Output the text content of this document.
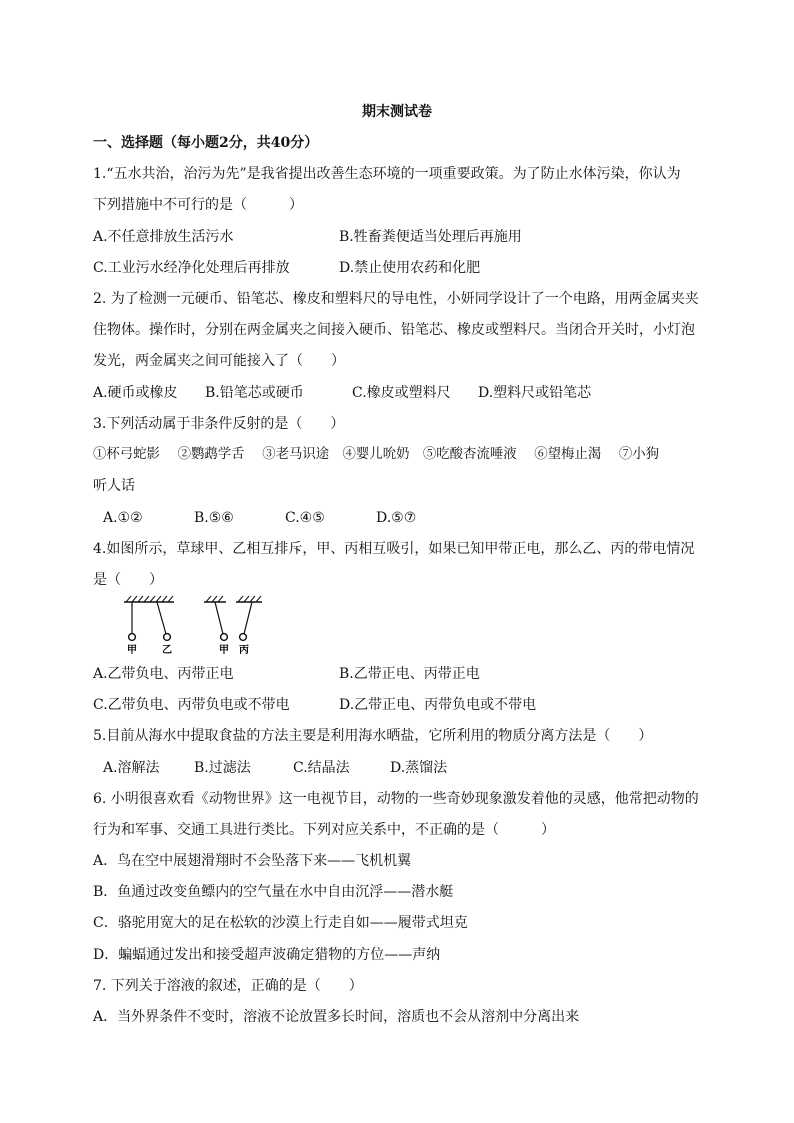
期末测试卷
一、选择题（每小题2分，共40分）
1.“五水共治，治污为先”是我省提出改善生态环境的一项重要政策。为了防止水体污染，你认为
下列措施中不可行的是（　　　）
A.不任意排放生活污水	B.牲畜粪便适当处理后再施用
C.工业污水经净化处理后再排放	D.禁止使用农药和化肥
2. 为了检测一元硬币、铅笔芯、橡皮和塑料尺的导电性，小妍同学设计了一个电路，用两金属夹夹
住物体。操作时，分别在两金属夹之间接入硬币、铅笔芯、橡皮或塑料尺。当闭合开关时，小灯泡
发光，两金属夹之间可能接入了（　　）
A.硬币或橡皮 B.铅笔芯或硬币	C.橡皮或塑料尺 D.塑料尺或铅笔芯
3.下列活动属于非条件反射的是（　　）
①杯弓蛇影　 ②鹦鹉学舌　 ③老马识途　④婴儿吮奶　⑤吃酸杏流唾液　 ⑥望梅止渴　 ⑦小狗
听人话
A.①②	B.⑤⑥	C.④⑤	D.⑤⑦
4.如图所示，草球甲、乙相互排斥，甲、丙相互吸引，如果已知甲带正电，那么乙、丙的带电情况
是（　　）
甲	乙	甲 丙
A.乙带负电、丙带正电	B.乙带正电、丙带正电
C.乙带负电、丙带负电或不带电	D.乙带正电、丙带负电或不带电
5.目前从海水中提取食盐的方法主要是利用海水晒盐，它所利用的物质分离方法是（　　）
A.溶解法 B.过滤法	C.结晶法	D.蒸馏法
6. 小明很喜欢看《动物世界》这一电视节目，动物的一些奇妙现象激发着他的灵感，他常把动物的
行为和军事、交通工具进行类比。下列对应关系中，不正确的是（　　　）
A．鸟在空中展翅滑翔时不会坠落下来——飞机机翼
B．鱼通过改变鱼鳔内的空气量在水中自由沉浮——潜水艇
C．骆驼用宽大的足在松软的沙漠上行走自如——履带式坦克
D．蝙蝠通过发出和接受超声波确定猎物的方位——声纳
7. 下列关于溶液的叙述，正确的是（　　）
A．当外界条件不变时，溶液不论放置多长时间，溶质也不会从溶剂中分离出来
